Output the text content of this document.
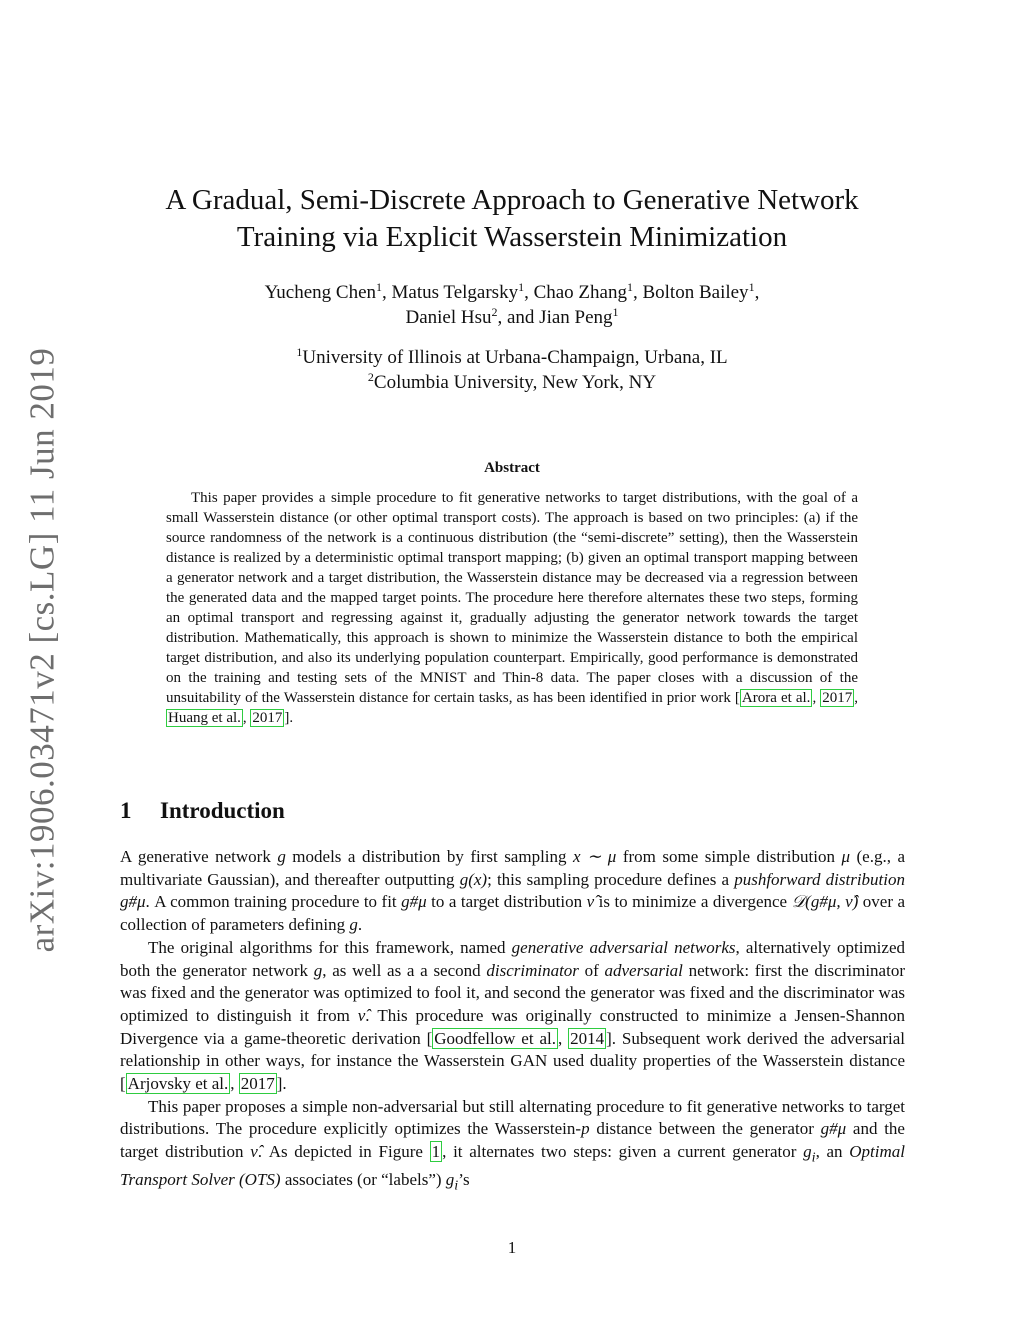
arXiv:1906.03471v2 [cs.LG] 11 Jun 2019
A Gradual, Semi-Discrete Approach to Generative Network
Training via Explicit Wasserstein Minimization
Yucheng Chen$^1$, Matus Telgarsky$^1$, Chao Zhang$^1$, Bolton Bailey$^1$,
Daniel Hsu$^2$, and Jian Peng$^1$
$^1$University of Illinois at Urbana-Champaign, Urbana, IL
$^2$Columbia University, New York, NY
Abstract

This paper provides a simple procedure to fit generative networks to target distributions, with the goal of a small Wasserstein distance (or other optimal transport costs). The approach is based on two principles: (a) if the source randomness of the network is a continuous distribution (the “semi-discrete” setting), then the Wasserstein distance is realized by a deterministic optimal transport mapping; (b) given an optimal transport mapping between a generator network and a target distribution, the Wasserstein distance may be decreased via a regression between the generated data and the mapped target points. The procedure here therefore alternates these two steps, forming an optimal transport and regressing against it, gradually adjusting the generator network towards the target distribution. Mathematically, this approach is shown to minimize the Wasserstein distance to both the empirical target distribution, and also its underlying population counterpart. Empirically, good performance is demonstrated on the training and testing sets of the MNIST and Thin-8 data. The paper closes with a discussion of the unsuitability of the Wasserstein distance for certain tasks, as has been identified in prior work [ Arora et al. , 2017 , Huang et al. , 2017 ].

1 Introduction

A generative network g models a distribution by first sampling x ∼ μ from some simple distribution μ (e.g., a multivariate Gaussian), and thereafter outputting g(x); this sampling procedure defines a pushforward distribution g#μ. A common training procedure to fit g#μ to a target distribution ν̂ is to minimize a divergence 𝒟(g#μ, ν̂) over a collection of parameters defining g.

The original algorithms for this framework, named generative adversarial networks, alternatively optimized both the generator network g, as well as a a second discriminator of adversarial network: first the discriminator was fixed and the generator was optimized to fool it, and second the generator was fixed and the discriminator was optimized to distinguish it from ν̂. This procedure was originally constructed to minimize a Jensen-Shannon Divergence via a game-theoretic derivation [ Goodfellow et al. , 2014 ]. Subsequent work derived the adversarial relationship in other ways, for instance the Wasserstein GAN used duality properties of the Wasserstein distance [ Arjovsky et al. , 2017 ].

This paper proposes a simple non-adversarial but still alternating procedure to fit generative networks to target distributions. The procedure explicitly optimizes the Wasserstein-p distance between the generator g#μ and the target distribution ν̂. As depicted in Figure 1 , it alternates two steps: given a current generator $g_i$, an Optimal Transport Solver (OTS) associates (or “labels”) $g_i’s$

1
